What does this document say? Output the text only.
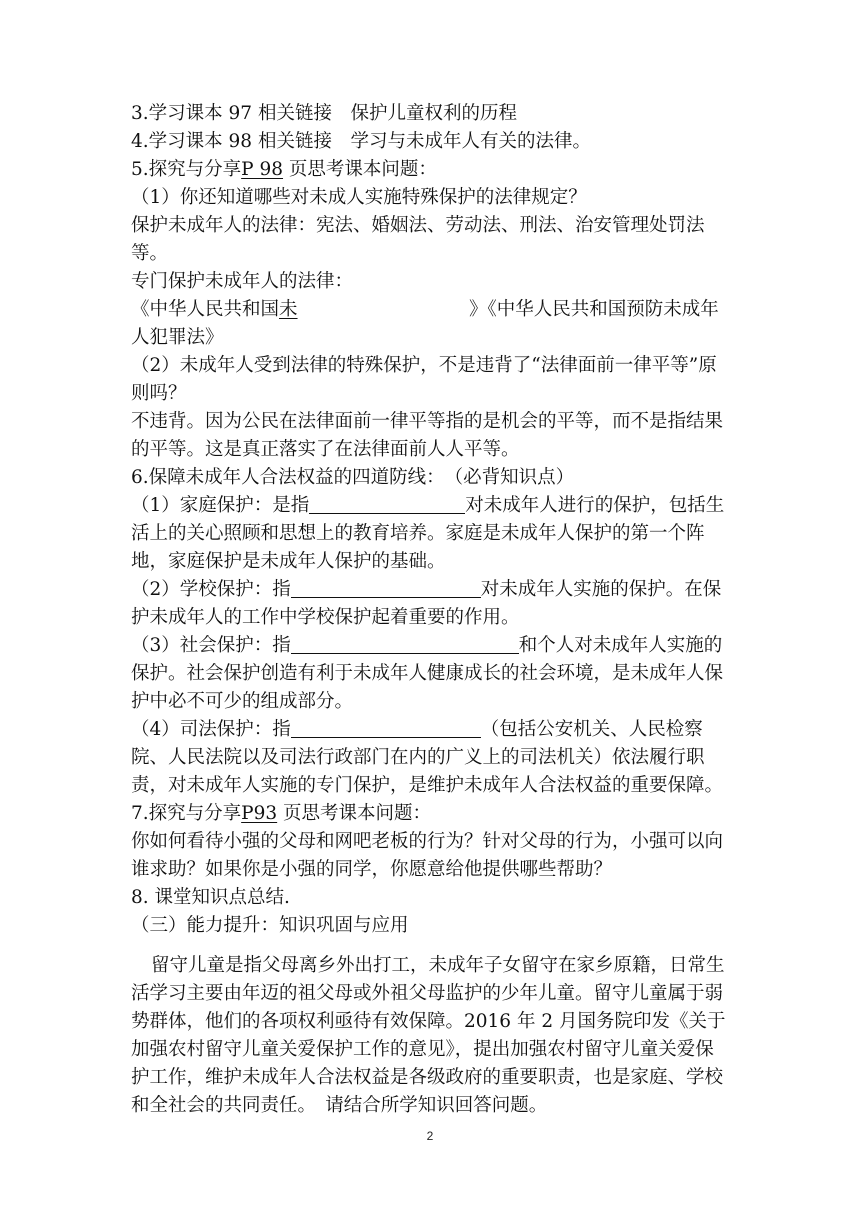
3.学习课本 97 相关链接　保护儿童权利的历程

4.学习课本 98 相关链接　学习与未成年人有关的法律。

5.探究与分享P 98 页思考课本问题：

（1）你还知道哪些对未成人实施特殊保护的法律规定？

保护未成年人的法律：宪法、婚姻法、劳动法、刑法、治安管理处罚法等。

专门保护未成年人的法律：

《中华人民共和国未	》《中华人民共和国预防未成年人犯罪法》

（2）未成年人受到法律的特殊保护，不是违背了“法律面前一律平等”原则吗？

不违背。因为公民在法律面前一律平等指的是机会的平等，而不是指结果的平等。这是真正落实了在法律面前人人平等。

6.保障未成年人合法权益的四道防线：　（必背知识点）

（1）家庭保护：是指	对未成年人进行的保护，包括生活上的关心照顾和思想上的教育培养。家庭是未成年人保护的第一个阵地，家庭保护是未成年人保护的基础。

（2）学校保护：指	对未成年人实施的保护。在保护未成年人的工作中学校保护起着重要的作用。

（3）社会保护：指	和个人对未成年人实施的保护。社会保护创造有利于未成年人健康成长的社会环境，是未成年人保护中必不可少的组成部分。

（4）司法保护：指	（包括公安机关、人民检察院、人民法院以及司法行政部门在内的广义上的司法机关）依法履行职责，对未成年人实施的专门保护，是维护未成年人合法权益的重要保障。

7.探究与分享P93 页思考课本问题：

你如何看待小强的父母和网吧老板的行为？针对父母的行为，小强可以向谁求助？如果你是小强的同学，你愿意给他提供哪些帮助？

8. 课堂知识点总结.

（三）能力提升：知识巩固与应用

留守儿童是指父母离乡外出打工，未成年子女留守在家乡原籍，日常生活学习主要由年迈的祖父母或外祖父母监护的少年儿童。留守儿童属于弱势群体，他们的各项权利亟待有效保障。2016 年 2 月国务院印发《关于加强农村留守儿童关爱保护工作的意见》，提出加强农村留守儿童关爱保护工作，维护未成年人合法权益是各级政府的重要职责，也是家庭、学校和全社会的共同责任。　请结合所学知识回答问题。

2
